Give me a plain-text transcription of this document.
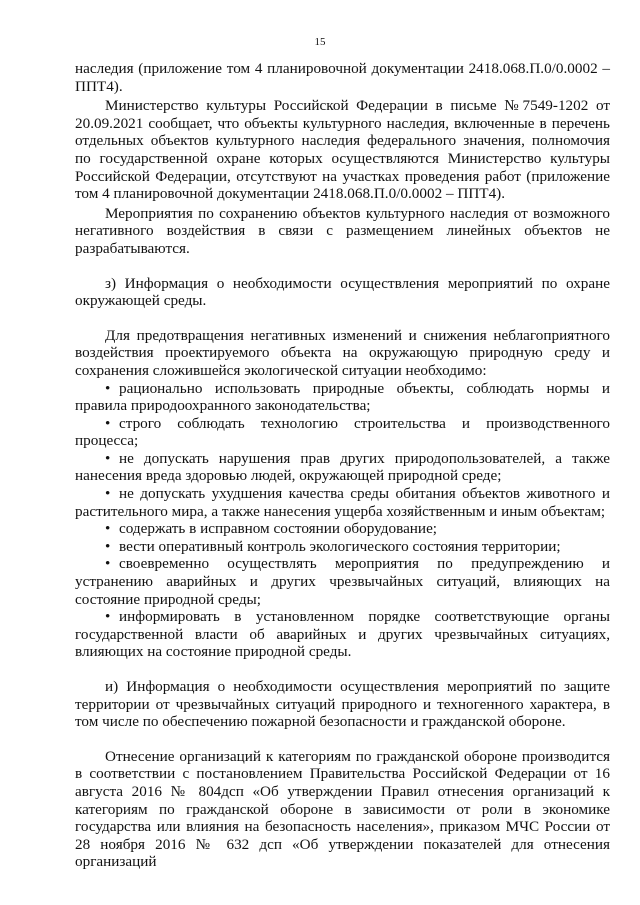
15

наследия (приложение том 4 планировочной документации 2418.068.П.0/0.0002 – ППТ4).

Министерство культуры Российской Федерации в письме №7549-1202 от 20.09.2021 сообщает, что объекты культурного наследия, включенные в перечень отдельных объектов культурного наследия федерального значения, полномочия по государственной охране которых осуществляются Министерство культуры Российской Федерации, отсутствуют на участках проведения работ (приложение том 4 планировочной документации 2418.068.П.0/0.0002 – ППТ4).

Мероприятия по сохранению объектов культурного наследия от возможного негативного воздействия в связи с размещением линейных объектов не разрабатываются.

з) Информация о необходимости осуществления мероприятий по охране окружающей среды.

Для предотвращения негативных изменений и снижения неблагоприятного воздействия проектируемого объекта на окружающую природную среду и сохранения сложившейся экологической ситуации необходимо:

• рационально использовать природные объекты, соблюдать нормы и правила природоохранного законодательства;

• строго соблюдать технологию строительства и производственного процесса;

• не допускать нарушения прав других природопользователей, а также нанесения вреда здоровью людей, окружающей природной среде;

• не допускать ухудшения качества среды обитания объектов животного и растительного мира, а также нанесения ущерба хозяйственным и иным объектам;

• содержать в исправном состоянии оборудование;

• вести оперативный контроль экологического состояния территории;

• своевременно осуществлять мероприятия по предупреждению и устранению аварийных и других чрезвычайных ситуаций, влияющих на состояние природной среды;

• информировать в установленном порядке соответствующие органы государственной власти об аварийных и других чрезвычайных ситуациях, влияющих на состояние природной среды.

и) Информация о необходимости осуществления мероприятий по защите территории от чрезвычайных ситуаций природного и техногенного характера, в том числе по обеспечению пожарной безопасности и гражданской обороне.

Отнесение организаций к категориям по гражданской обороне производится в соответствии с постановлением Правительства Российской Федерации от 16 августа 2016 № 804дсп «Об утверждении Правил отнесения организаций к категориям по гражданской обороне в зависимости от роли в экономике государства или влияния на безопасность населения», приказом МЧС России от 28 ноября 2016 № 632 дсп «Об утверждении показателей для отнесения организаций
